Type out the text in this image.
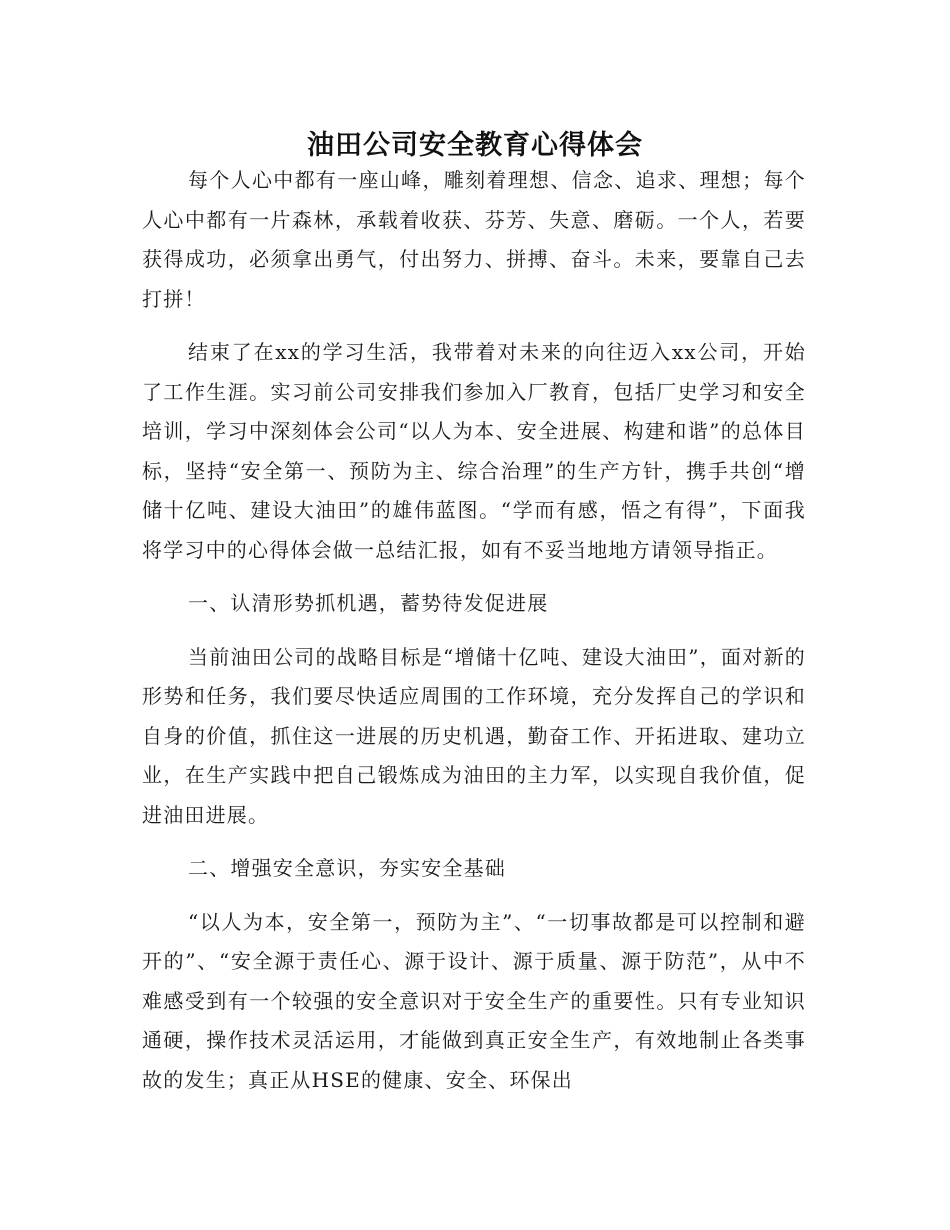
油田公司安全教育心得体会

每个人心中都有一座山峰，雕刻着理想、信念、追求、理想；每个人心中都有一片森林，承载着收获、芬芳、失意、磨砺。一个人，若要获得成功，必须拿出勇气，付出努力、拼搏、奋斗。未来，要靠自己去打拼！

结束了在xx的学习生活，我带着对未来的向往迈入xx公司，开始了工作生涯。实习前公司安排我们参加入厂教育，包括厂史学习和安全培训，学习中深刻体会公司“以人为本、安全进展、构建和谐”的总体目标，坚持“安全第一、预防为主、综合治理”的生产方针，携手共创“增储十亿吨、建设大油田”的雄伟蓝图。“学而有感，悟之有得”，下面我将学习中的心得体会做一总结汇报，如有不妥当地地方请领导指正。

一、认清形势抓机遇，蓄势待发促进展

当前油田公司的战略目标是“增储十亿吨、建设大油田”，面对新的形势和任务，我们要尽快适应周围的工作环境，充分发挥自己的学识和自身的价值，抓住这一进展的历史机遇，勤奋工作、开拓进取、建功立业，在生产实践中把自己锻炼成为油田的主力军，以实现自我价值，促进油田进展。

二、增强安全意识，夯实安全基础

“以人为本，安全第一，预防为主”、“一切事故都是可以控制和避开的”、“安全源于责任心、源于设计、源于质量、源于防范”，从中不难感受到有一个较强的安全意识对于安全生产的重要性。只有专业知识通硬，操作技术灵活运用，才能做到真正安全生产，有效地制止各类事故的发生；真正从HSE的健康、安全、环保出
